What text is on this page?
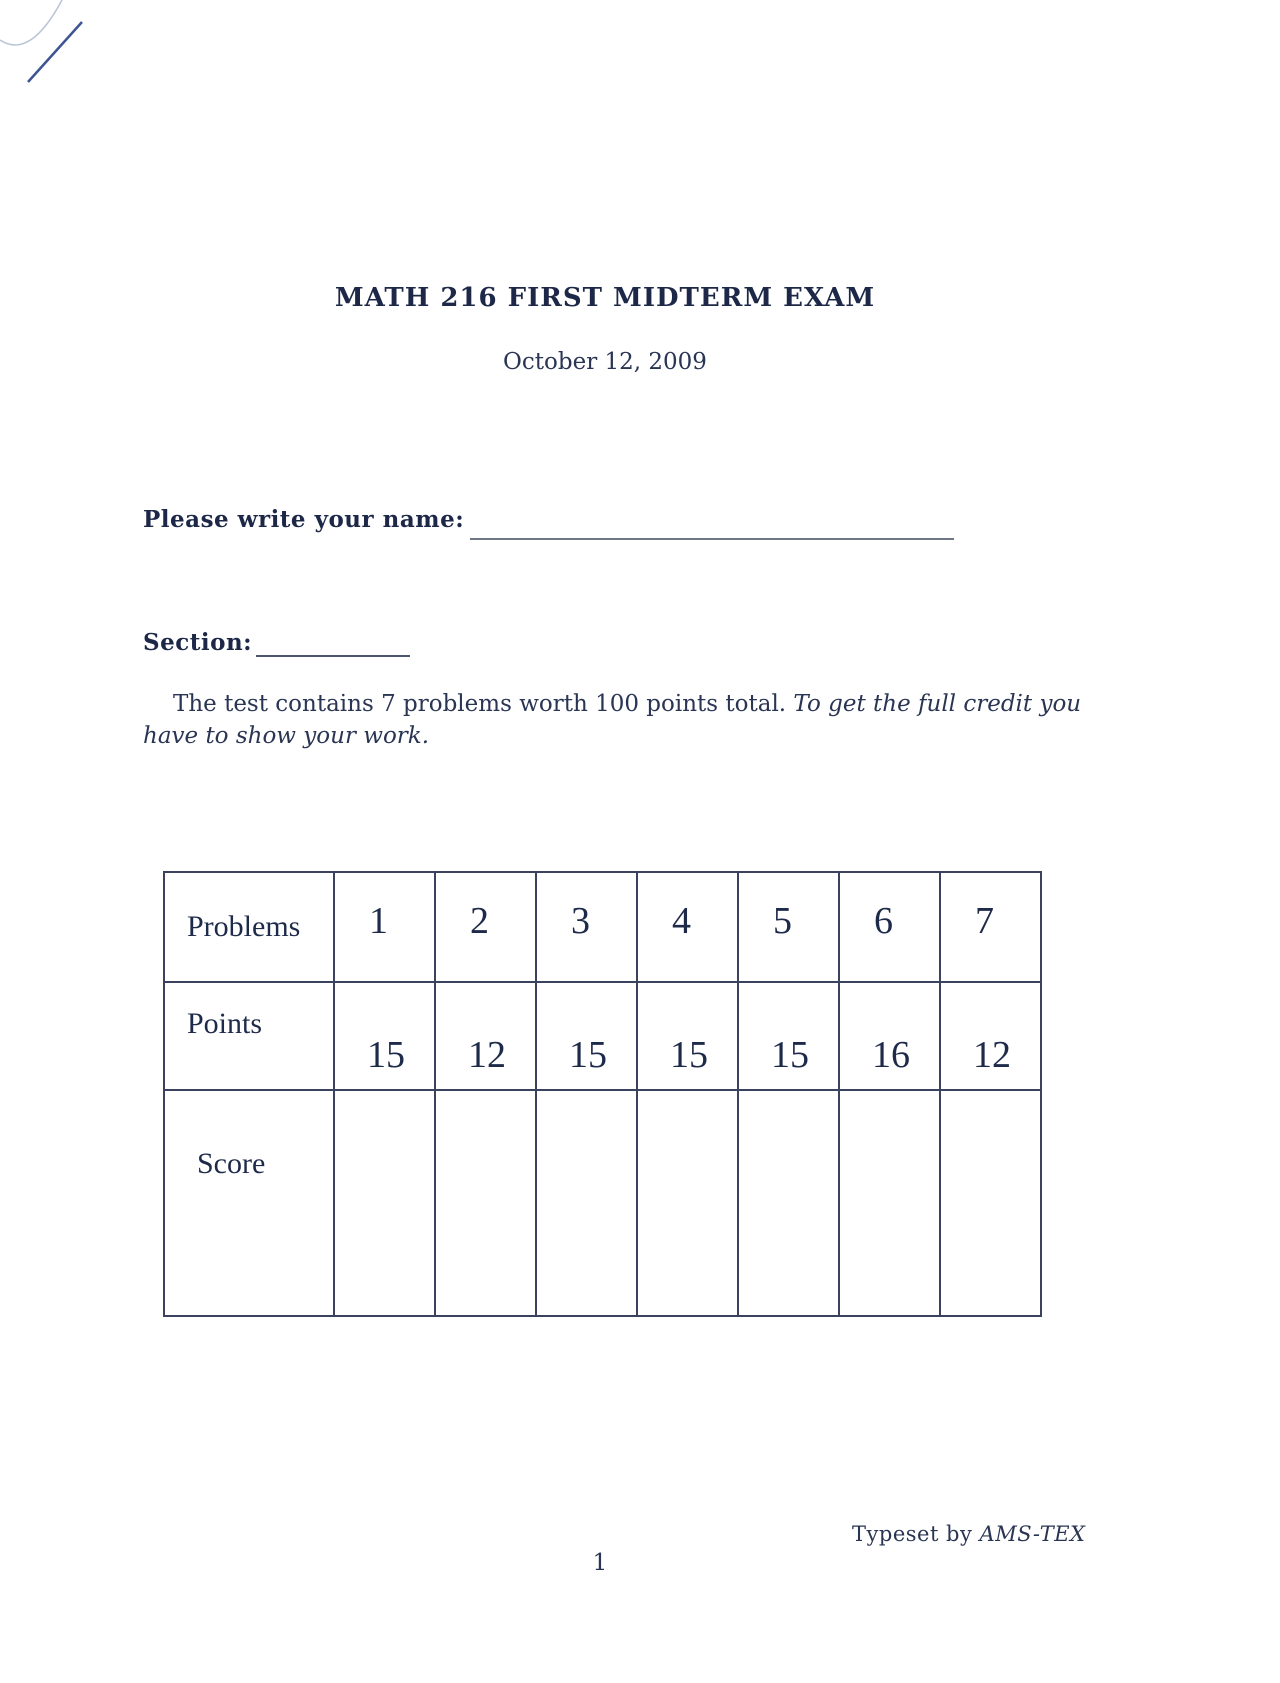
MATH 216 FIRST MIDTERM EXAM
October 12, 2009
Please write your name:
Section:
The test contains 7 problems worth 100 points total. To get the full credit you have to show your work.
Problems	1	2	3	4	5	6	7
Points	15	12	15	15	15	16	12
Score							
Typeset by AMS-TEX
1
